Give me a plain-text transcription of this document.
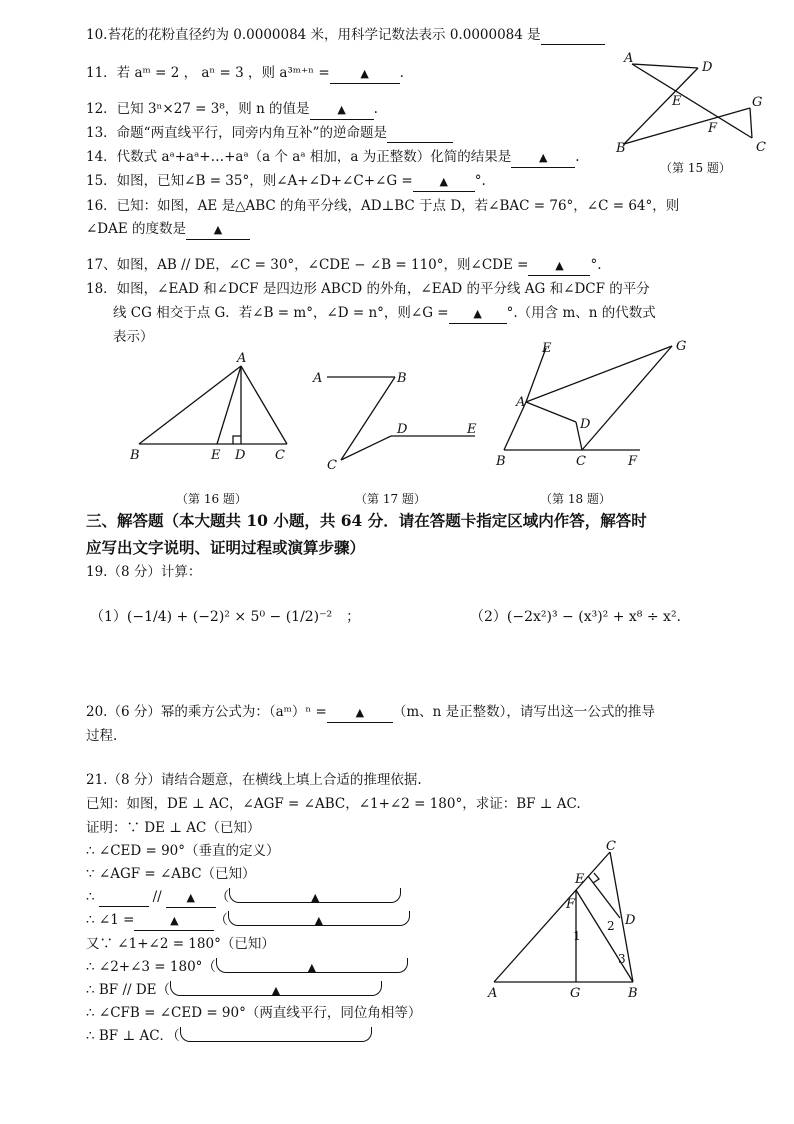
10.苔花的花粉直径约为 0.0000084 米，用科学记数法表示 0.0000084 是
11．若 aᵐ = 2 ， aⁿ = 3 ，则 a³ᵐ⁺ⁿ =	▲ .
12．已知 3ⁿ×27 = 3⁸，则 n 的值是	▲ .
13．命题“两直线平行，同旁内角互补”的逆命题是
14．代数式 aᵃ+aᵃ+…+aᵃ（a 个 aᵃ 相加，a 为正整数）化简的结果是	▲ .
15．如图，已知∠B = 35°，则∠A+∠D+∠C+∠G = ▲ °.
A
D
E	G
F
B	C
（第 15 题）
16．已知：如图，AE 是△ABC 的角平分线，AD⊥BC 于点 D，若∠BAC = 76°，∠C = 64°，则
∠DAE 的度数是	▲
17、如图，AB // DE，∠C = 30°，∠CDE − ∠B = 110°，则∠CDE = ▲ °.
18．如图，∠EAD 和∠DCF 是四边形 ABCD 的外角，∠EAD 的平分线 AG 和∠DCF 的平分
线 CG 相交于点 G．若∠B = m°，∠D = n°，则∠G = ▲ °.（用含 m、n 的代数式
表示）
A
B	E D C
（第 16 题）
A	B
C
D	E
（第 17 题）
E	G
A
D
B	C	F
（第 18 题）
三、解答题（本大题共 10 小题，共 64 分．请在答题卡指定区域内作答，解答时
应写出文字说明、证明过程或演算步骤）
19.（8 分）计算：
（1）(−1/4) + (−2)² × 5⁰ − (1/2)⁻² ；	（2）(−2x²)³ − (x³)² + x⁸ ÷ x².
20.（6 分）幂的乘方公式为：（aᵐ）ⁿ =	▲ （m、n 是正整数），请写出这一公式的推导
过程.
21.（8 分）请结合题意，在横线上填上合适的推理依据.
已知：如图，DE ⊥ AC，∠AGF = ∠ABC，∠1+∠2 = 180°，求证：BF ⊥ AC.
证明：∵ DE ⊥ AC（已知）
∴ ∠CED = 90°（垂直的定义）
∵ ∠AGF = ∠ABC（已知）
∴	// ▲ （	▲
∴ ∠1 =	▲	（	▲
又∵ ∠1+∠2 = 180°（已知）
∴ ∠2+∠3 = 180°（	▲
∴ BF // DE（	▲
∴ ∠CFB = ∠CED = 90°（两直线平行，同位角相等）
∴ BF ⊥ AC．（
C
E
F
D
1
2
3
A	G	B
